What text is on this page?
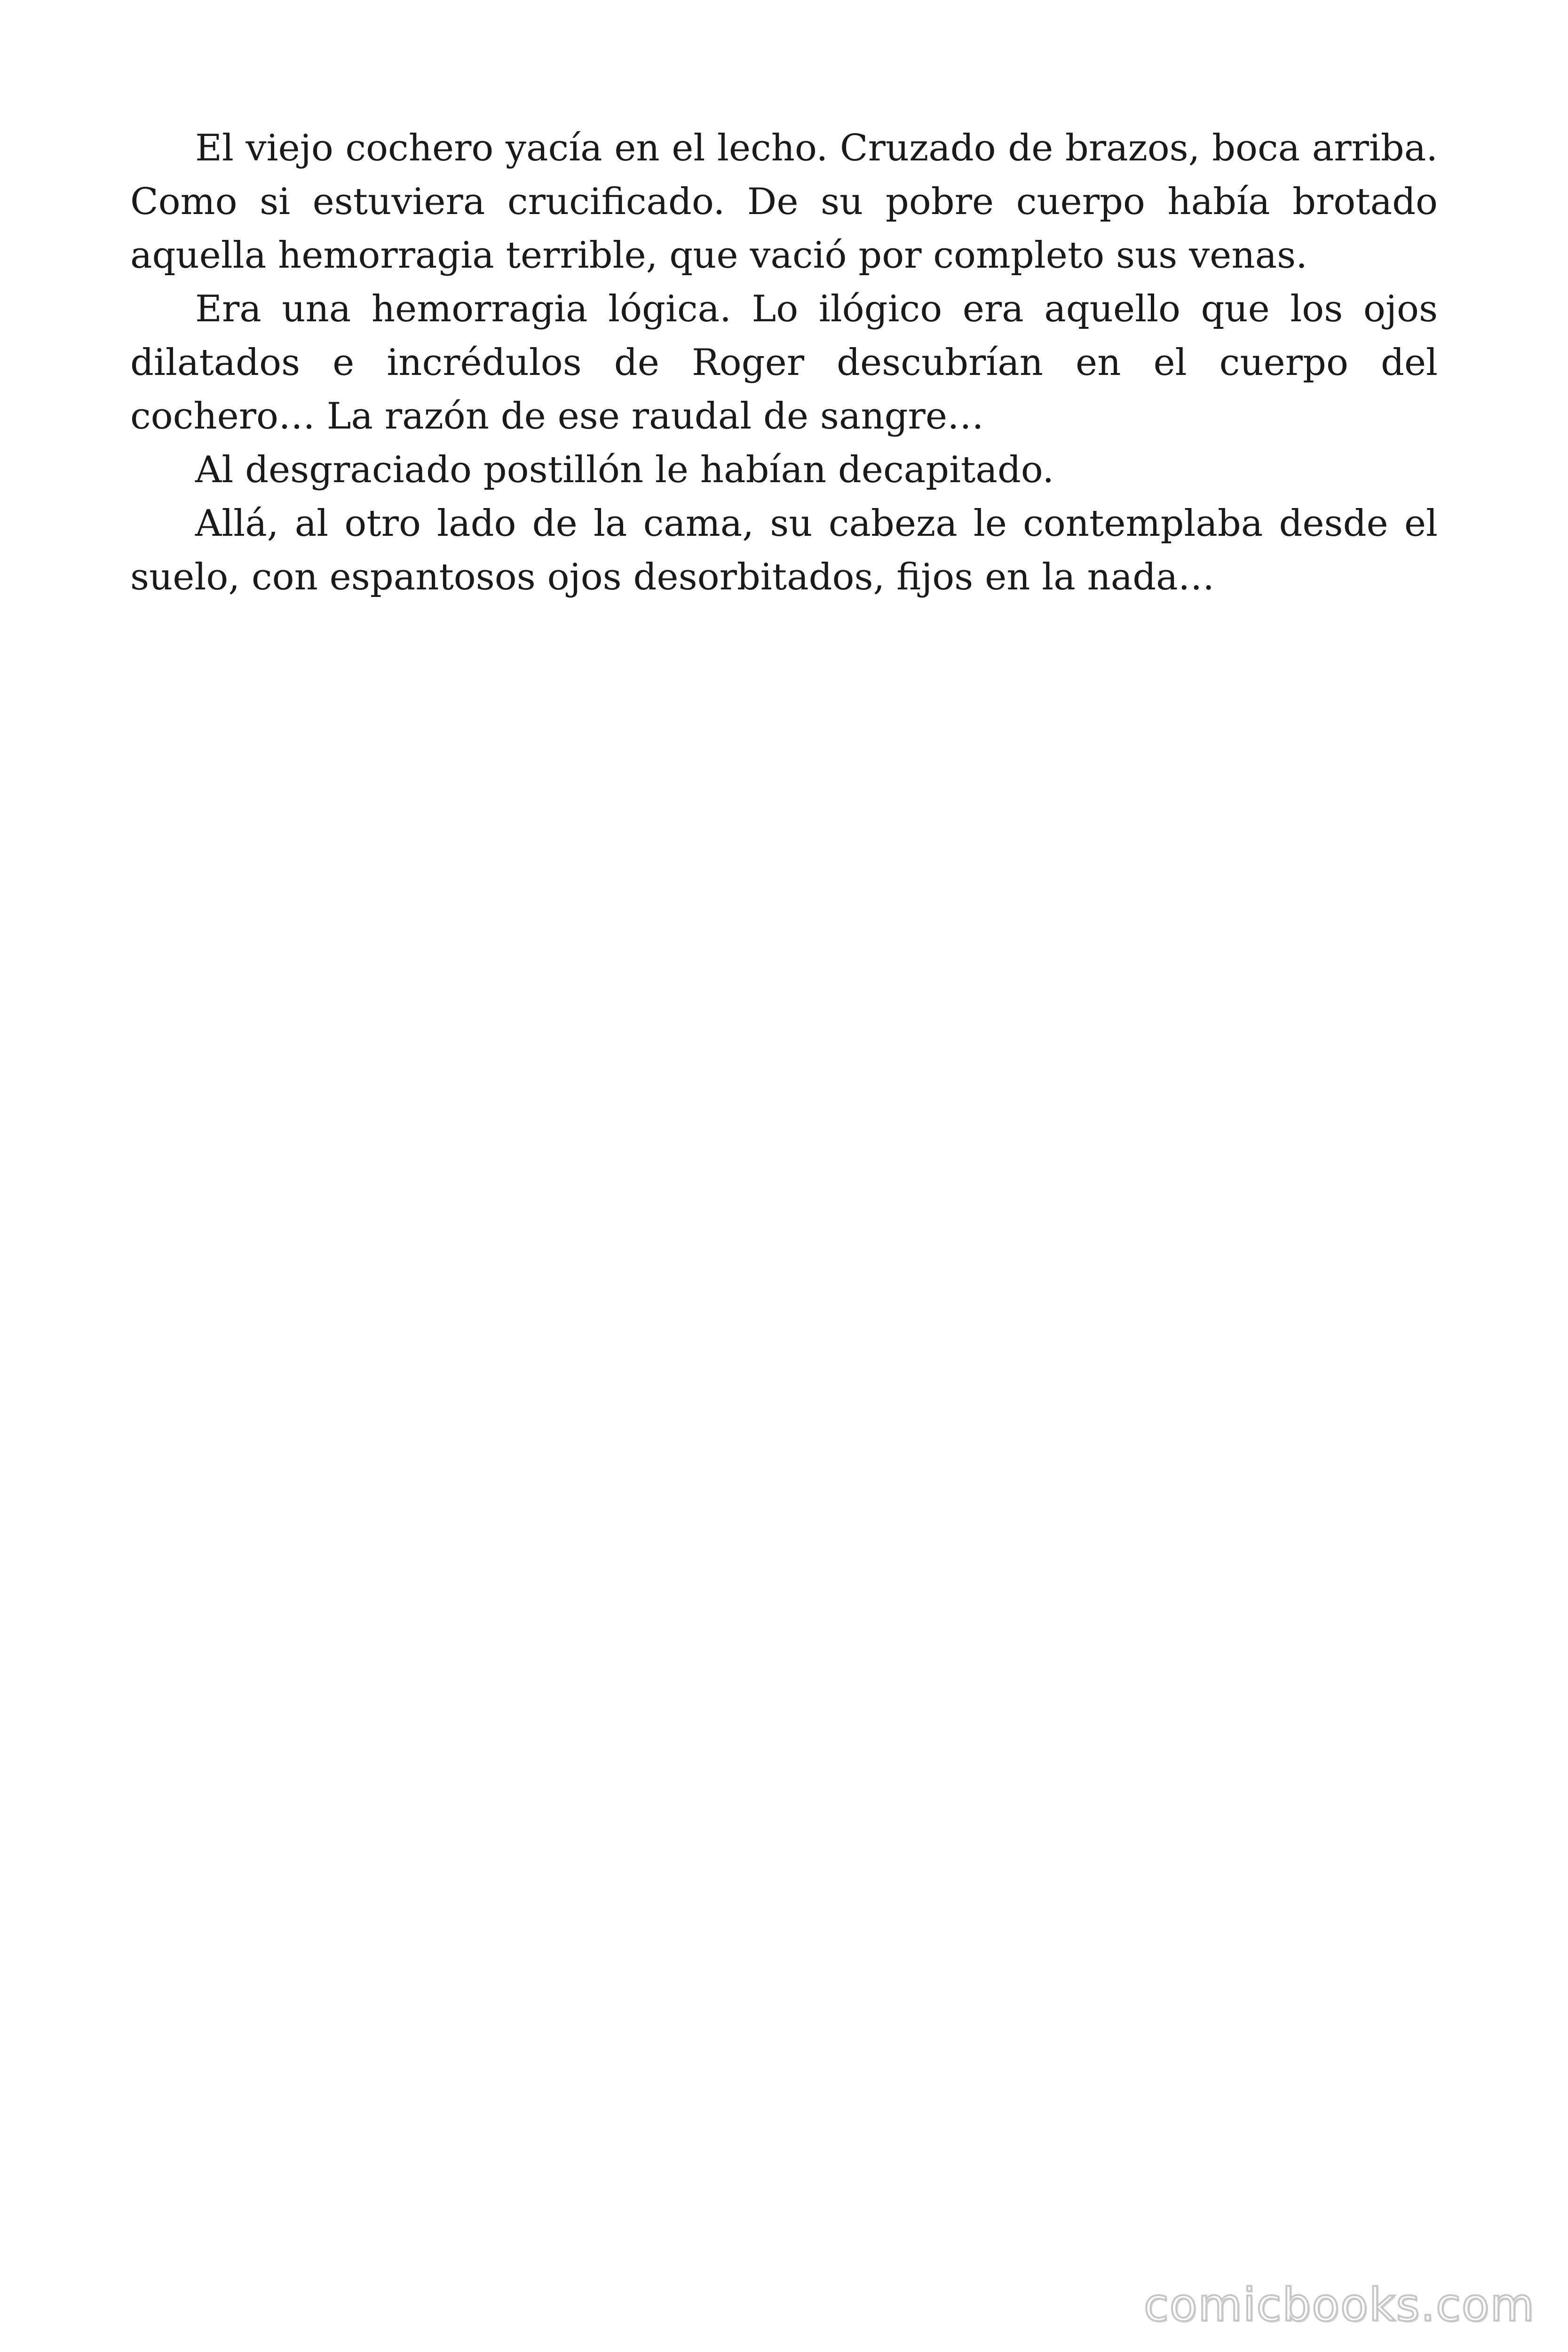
El viejo cochero yacía en el lecho. Cruzado de brazos, boca arriba. Como si estuviera crucificado. De su pobre cuerpo había brotado aquella hemorragia terrible, que vació por completo sus venas.

Era una hemorragia lógica. Lo ilógico era aquello que los ojos dilatados e incrédulos de Roger descubrían en el cuerpo del cochero… La razón de ese raudal de sangre…

Al desgraciado postillón le habían decapitado.

Allá, al otro lado de la cama, su cabeza le contemplaba desde el suelo, con espantosos ojos desorbitados, fijos en la nada…

comicbooks.com
